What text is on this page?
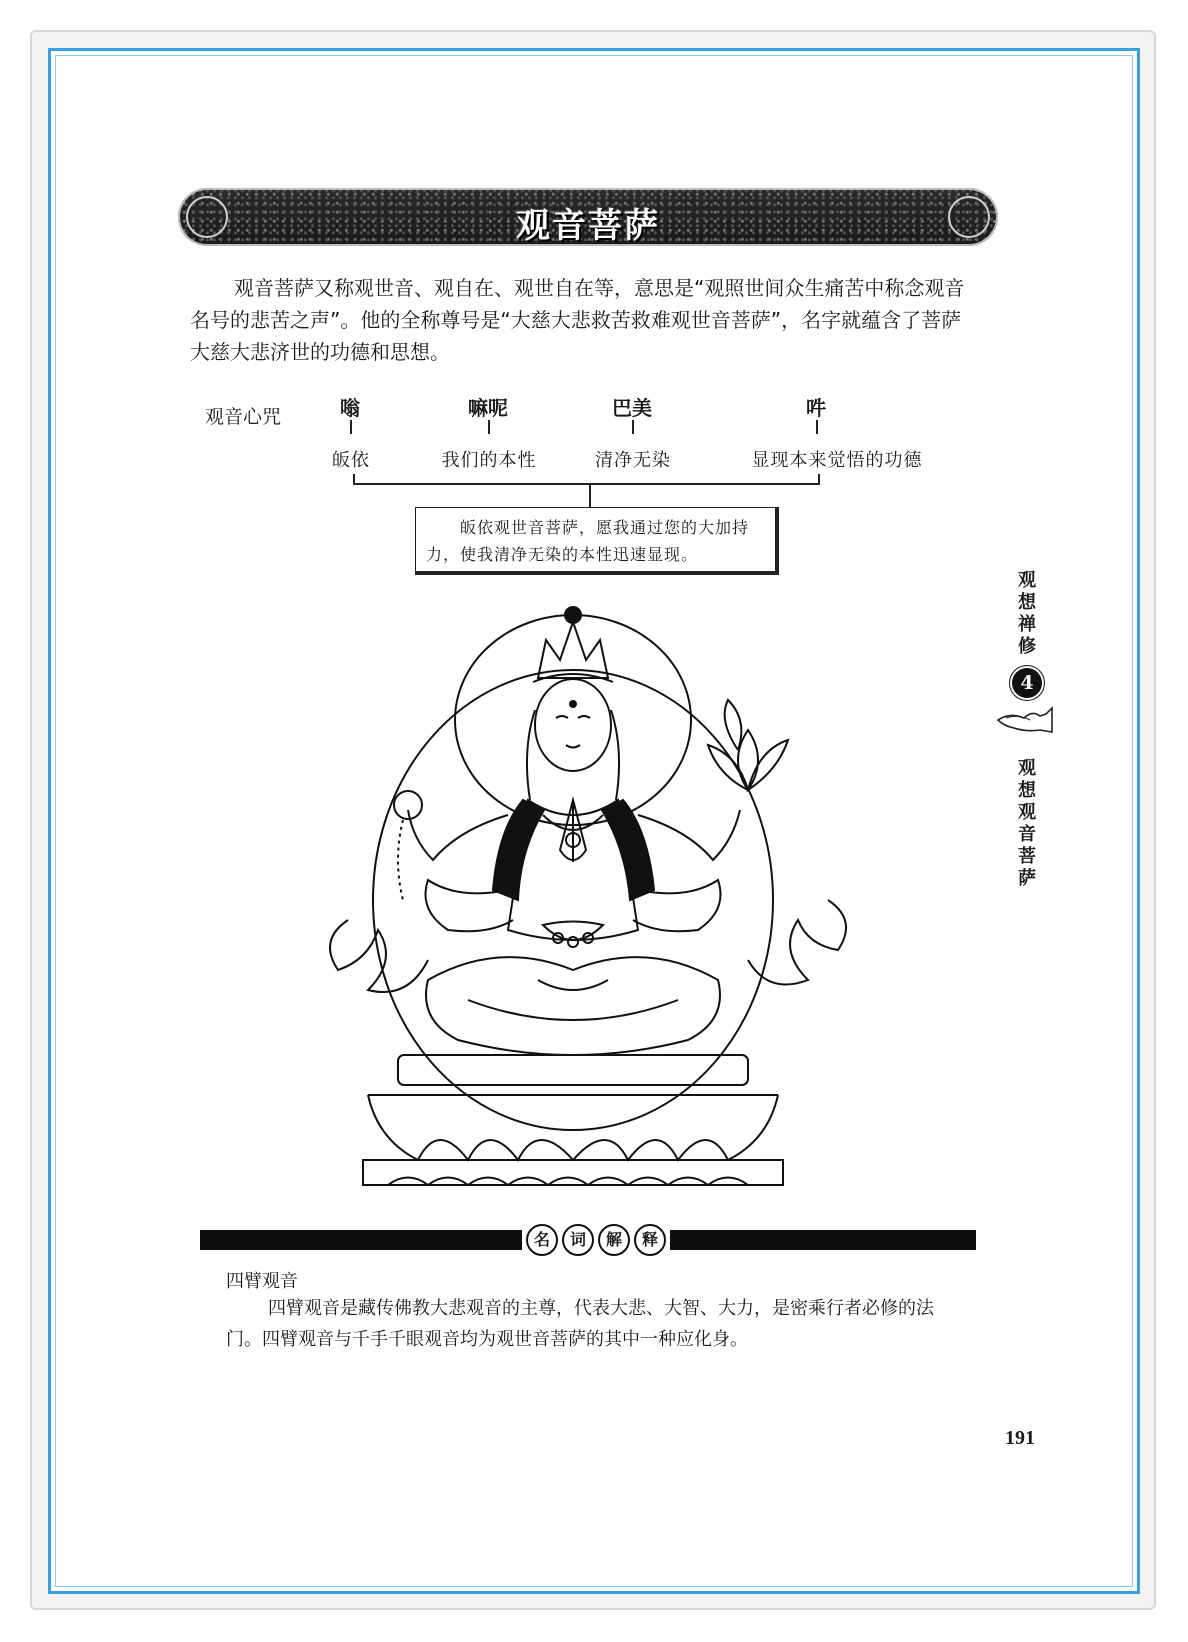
观音菩萨

观音菩萨又称观世音、观自在、观世自在等，意思是“观照世间众生痛苦中称念观音名号的悲苦之声”。他的全称尊号是“大慈大悲救苦救难观世音菩萨”，名字就蕴含了菩萨大慈大悲济世的功德和思想。

观音心咒	嗡	嘛呢	巴美	吽
皈依	我们的本性	清净无染	显现本来觉悟的功德
皈依观世音菩萨，愿我通过您的大加持力，使我清净无染的本性迅速显现。
观想禅修
4
观想观音菩萨
名	词	解	释
四臂观音

四臂观音是藏传佛教大悲观音的主尊，代表大悲、大智、大力，是密乘行者必修的法门。四臂观音与千手千眼观音均为观世音菩萨的其中一种应化身。

191
